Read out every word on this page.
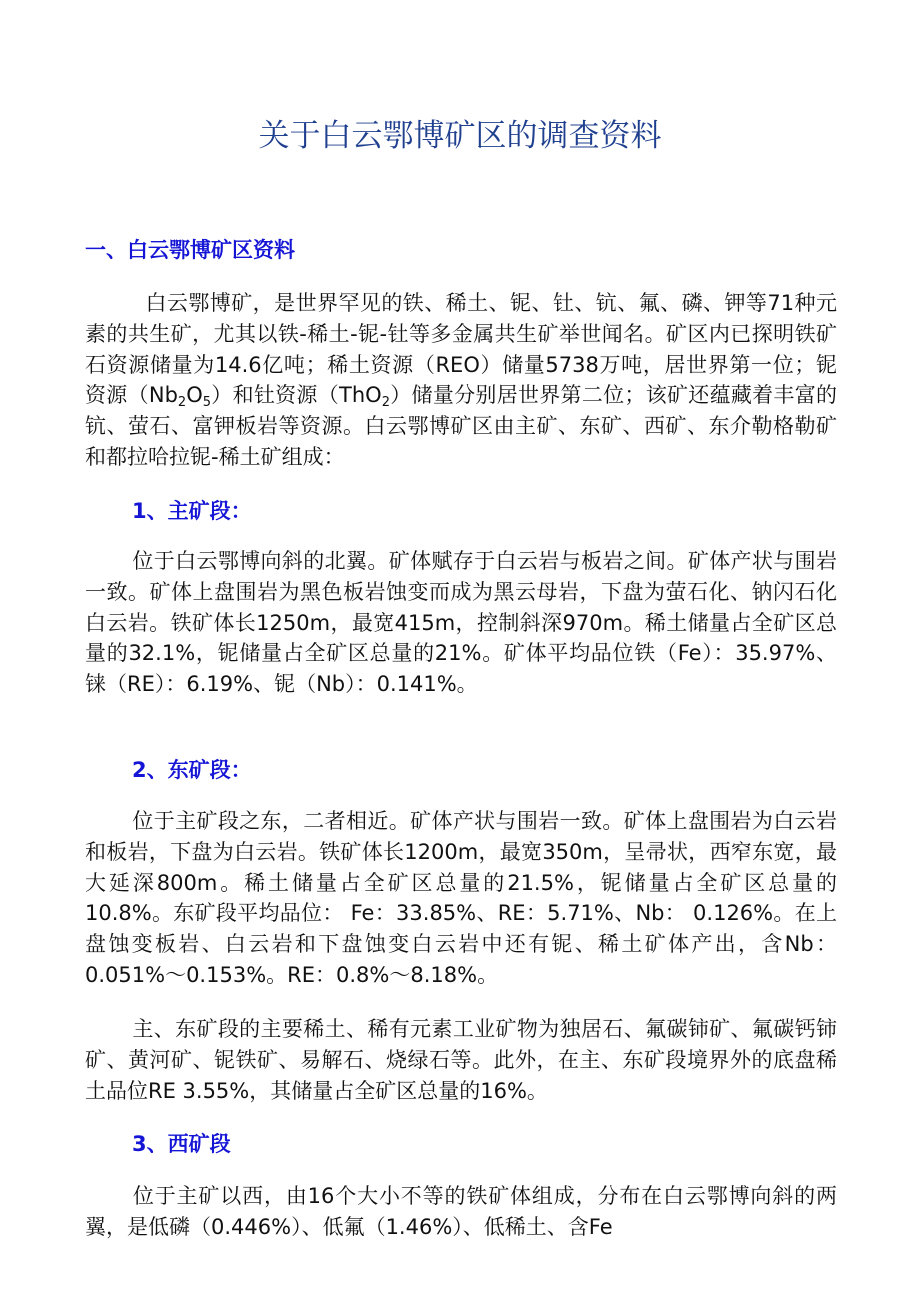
关于白云鄂博矿区的调查资料
一、白云鄂博矿区资料

白云鄂博矿，是世界罕见的铁、稀土、铌、钍、钪、氟、磷、钾等71种元素的共生矿，尤其以铁-稀土-铌-钍等多金属共生矿举世闻名。矿区内已探明铁矿石资源储量为14.6亿吨；稀土资源（REO）储量5738万吨，居世界第一位；铌资源$(Nb_2O_5)$和钍资源（ThO$_2$）储量分别居世界第二位；该矿还蕴藏着丰富的钪、萤石、富钾板岩等资源。白云鄂博矿区由主矿、东矿、西矿、东介勒格勒矿和都拉哈拉铌-稀土矿组成：

1、主矿段：

位于白云鄂博向斜的北翼。矿体赋存于白云岩与板岩之间。矿体产状与围岩一致。矿体上盘围岩为黑色板岩蚀变而成为黑云母岩，下盘为萤石化、钠闪石化白云岩。铁矿体长1250m，最宽415m，控制斜深970m。稀土储量占全矿区总量的32.1%，铌储量占全矿区总量的21%。矿体平均品位铁（Fe）：35.97%、铼（RE）：6.19%、铌（Nb）：0.141%。

2、东矿段：

位于主矿段之东，二者相近。矿体产状与围岩一致。矿体上盘围岩为白云岩和板岩，下盘为白云岩。铁矿体长1200m，最宽350m，呈帚状，西窄东宽，最大延深800m。稀土储量占全矿区总量的21.5%，铌储量占全矿区总量的10.8%。东矿段平均品位： Fe：33.85%、RE：5.71%、Nb： 0.126%。在上盘蚀变板岩、白云岩和下盘蚀变白云岩中还有铌、稀土矿体产出，含Nb：0.051%～0.153%。RE：0.8%～8.18%。

主、东矿段的主要稀土、稀有元素工业矿物为独居石、氟碳铈矿、氟碳钙铈矿、黄河矿、铌铁矿、易解石、烧绿石等。此外，在主、东矿段境界外的底盘稀土品位RE 3.55%，其储量占全矿区总量的16%。

3、西矿段

位于主矿以西，由16个大小不等的铁矿体组成，分布在白云鄂博向斜的两翼，是低磷（0.446%）、低氟（1.46%）、低稀土、含Fe
